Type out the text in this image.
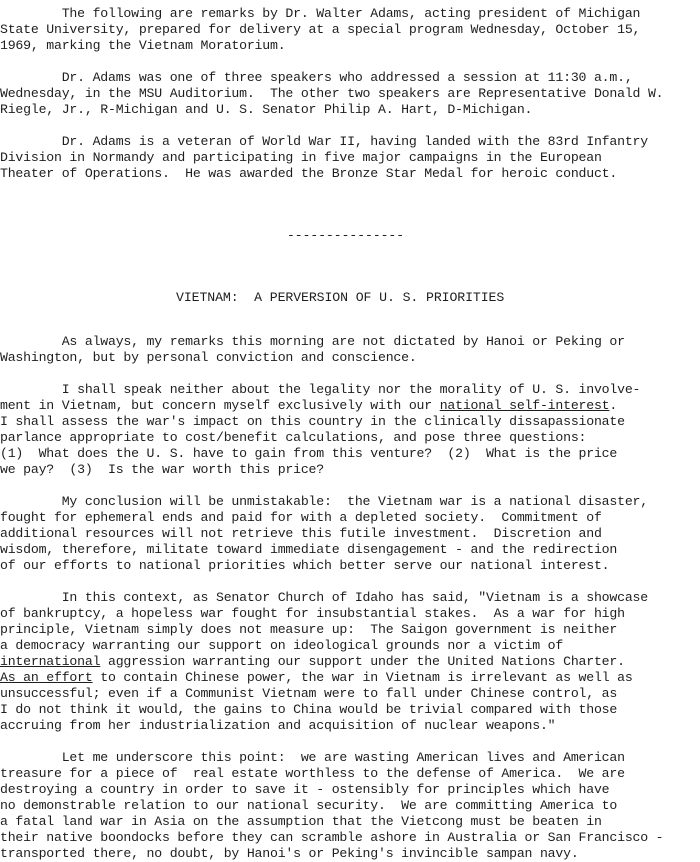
The following are remarks by Dr. Walter Adams, acting president of Michigan
State University, prepared for delivery at a special program Wednesday, October 15,
1969, marking the Vietnam Moratorium.
Dr. Adams was one of three speakers who addressed a session at 11:30 a.m.,
Wednesday, in the MSU Auditorium.  The other two speakers are Representative Donald W.
Riegle, Jr., R-Michigan and U. S. Senator Philip A. Hart, D-Michigan.
Dr. Adams is a veteran of World War II, having landed with the 83rd Infantry
Division in Normandy and participating in five major campaigns in the European
Theater of Operations.  He was awarded the Bronze Star Medal for heroic conduct.
---------------
VIETNAM:  A PERVERSION OF U. S. PRIORITIES
As always, my remarks this morning are not dictated by Hanoi or Peking or
Washington, but by personal conviction and conscience.
I shall speak neither about the legality nor the morality of U. S. involve-
ment in Vietnam, but concern myself exclusively with our national self-interest.
I shall assess the war's impact on this country in the clinically dissapassionate
parlance appropriate to cost/benefit calculations, and pose three questions:
(1)  What does the U. S. have to gain from this venture?  (2)  What is the price
we pay?  (3)  Is the war worth this price?
My conclusion will be unmistakable:  the Vietnam war is a national disaster,
fought for ephemeral ends and paid for with a depleted society.  Commitment of
additional resources will not retrieve this futile investment.  Discretion and
wisdom, therefore, militate toward immediate disengagement - and the redirection
of our efforts to national priorities which better serve our national interest.
In this context, as Senator Church of Idaho has said, "Vietnam is a showcase
of bankruptcy, a hopeless war fought for insubstantial stakes.  As a war for high
principle, Vietnam simply does not measure up:  The Saigon government is neither
a democracy warranting our support on ideological grounds nor a victim of
international aggression warranting our support under the United Nations Charter.
As an effort to contain Chinese power, the war in Vietnam is irrelevant as well as
unsuccessful; even if a Communist Vietnam were to fall under Chinese control, as
I do not think it would, the gains to China would be trivial compared with those
accruing from her industrialization and acquisition of nuclear weapons."
Let me underscore this point:  we are wasting American lives and American
treasure for a piece of  real estate worthless to the defense of America.  We are
destroying a country in order to save it - ostensibly for principles which have
no demonstrable relation to our national security.  We are committing America to
a fatal land war in Asia on the assumption that the Vietcong must be beaten in
their native boondocks before they can scramble ashore in Australia or San Francisco -
transported there, no doubt, by Hanoi's or Peking's invincible sampan navy.
